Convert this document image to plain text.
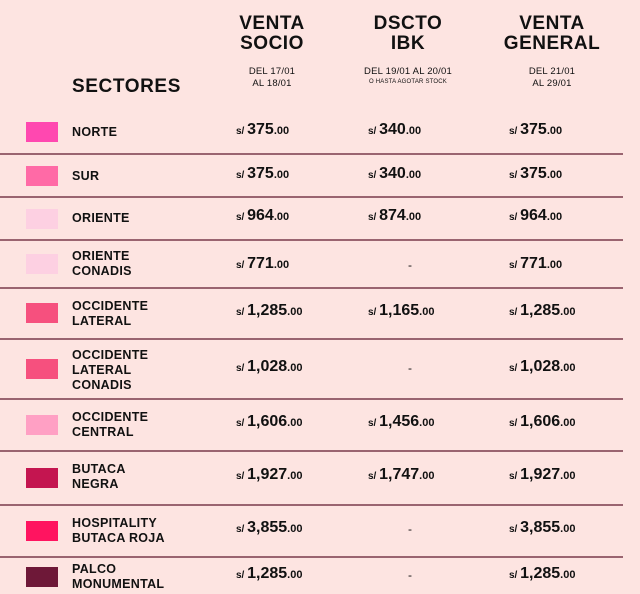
VENTA
SOCIO
DEL 17/01
AL 18/01
DSCTO
IBK
DEL 19/01 AL 20/01
O HASTA AGOTAR STOCK
VENTA
GENERAL
DEL 21/01
AL 29/01
SECTORES
NORTE	s/ 375.00	s/ 340.00	s/ 375.00
SUR	s/ 375.00	s/ 340.00	s/ 375.00
ORIENTE	s/ 964.00	s/ 874.00	s/ 964.00
ORIENTE
CONADIS	s/ 771.00	-	s/ 771.00
OCCIDENTE
LATERAL
s/ 1,285.00	s/ 1,165.00	s/ 1,285.00
OCCIDENTE
LATERAL
CONADIS
s/ 1,028.00	-	s/ 1,028.00
OCCIDENTE
CENTRAL
s/ 1,606.00	s/ 1,456.00	s/ 1,606.00
BUTACA
NEGRA
s/ 1,927.00	s/ 1,747.00	s/ 1,927.00
HOSPITALITY
BUTACA ROJA
s/ 3,855.00	-	s/ 3,855.00
PALCO
MONUMENTAL
s/ 1,285.00	-	s/ 1,285.00
